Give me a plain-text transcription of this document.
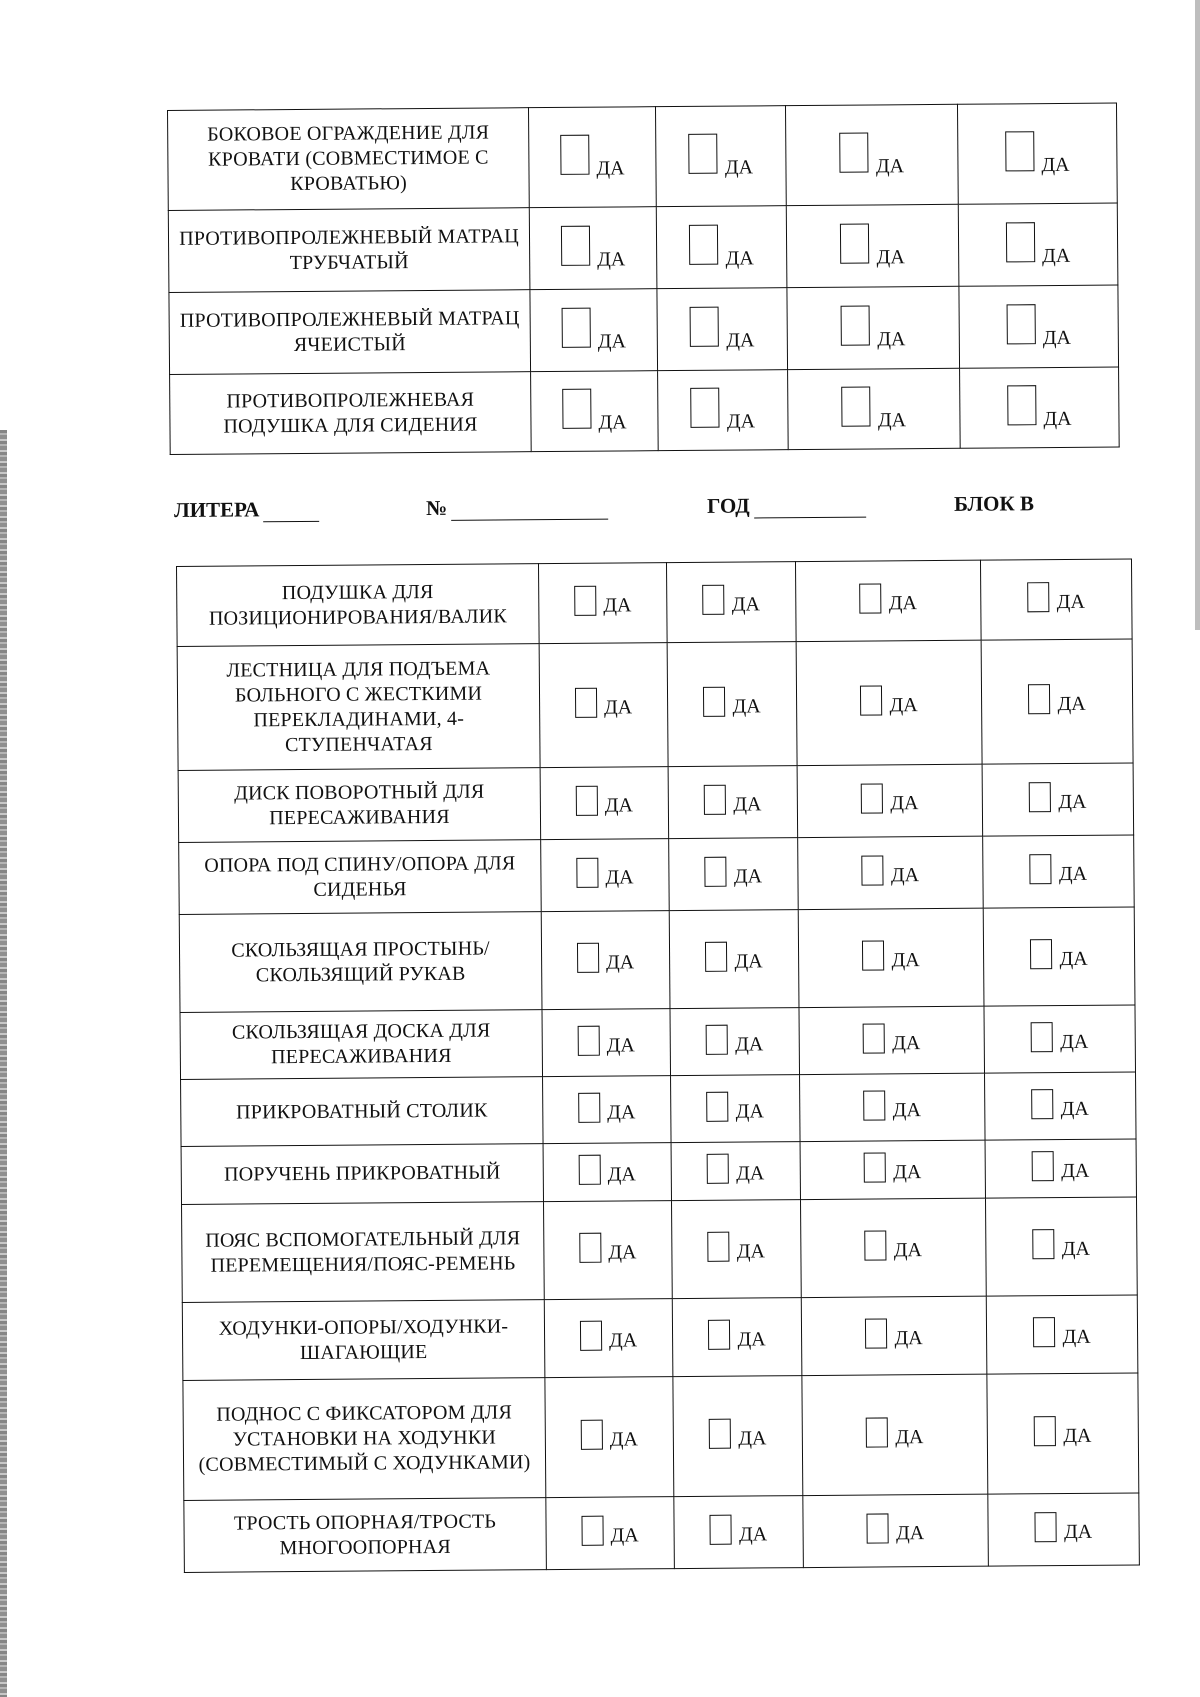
БОКОВОЕ ОГРАЖДЕНИЕ ДЛЯ КРОВАТИ (СОВМЕСТИМОЕ С КРОВАТЬЮ)	ДА	ДА	ДА	ДА

ПРОТИВОПРОЛЕЖНЕВЫЙ МАТРАЦ ТРУБЧАТЫЙ	ДА	ДА	ДА	ДА

ПРОТИВОПРОЛЕЖНЕВЫЙ МАТРАЦ ЯЧЕИСТЫЙ	ДА	ДА	ДА	ДА

ПРОТИВОПРОЛЕЖНЕВАЯ ПОДУШКА ДЛЯ СИДЕНИЯ	ДА	ДА	ДА	ДА
ЛИТЕРА	№	ГОД	БЛОК В
ПОДУШКА ДЛЯ ПОЗИЦИОНИРОВАНИЯ/ВАЛИК	ДА	ДА	ДА	ДА

ЛЕСТНИЦА ДЛЯ ПОДЪЕМА БОЛЬНОГО С ЖЕСТКИМИ ПЕРЕКЛАДИНАМИ, 4-СТУПЕНЧАТАЯ	ДА	ДА	ДА	ДА

ДИСК ПОВОРОТНЫЙ ДЛЯ ПЕРЕСАЖИВАНИЯ	ДА	ДА	ДА	ДА

ОПОРА ПОД СПИНУ/ОПОРА ДЛЯ СИДЕНЬЯ	ДА	ДА	ДА	ДА

СКОЛЬЗЯЩАЯ ПРОСТЫНЬ/СКОЛЬЗЯЩИЙ РУКАВ	ДА	ДА	ДА	ДА

СКОЛЬЗЯЩАЯ ДОСКА ДЛЯ ПЕРЕСАЖИВАНИЯ	ДА	ДА	ДА	ДА

ПРИКРОВАТНЫЙ СТОЛИК	ДА	ДА	ДА	ДА

ПОРУЧЕНЬ ПРИКРОВАТНЫЙ	ДА	ДА	ДА	ДА

ПОЯС ВСПОМОГАТЕЛЬНЫЙ ДЛЯ ПЕРЕМЕЩЕНИЯ/ПОЯС-РЕМЕНЬ	ДА	ДА	ДА	ДА

ХОДУНКИ-ОПОРЫ/ХОДУНКИ-ШАГАЮЩИЕ	ДА	ДА	ДА	ДА

ПОДНОС С ФИКСАТОРОМ ДЛЯ УСТАНОВКИ НА ХОДУНКИ (СОВМЕСТИМЫЙ С ХОДУНКАМИ)	ДА	ДА	ДА	ДА

ТРОСТЬ ОПОРНАЯ/ТРОСТЬ МНОГООПОРНАЯ	ДА	ДА	ДА	ДА
